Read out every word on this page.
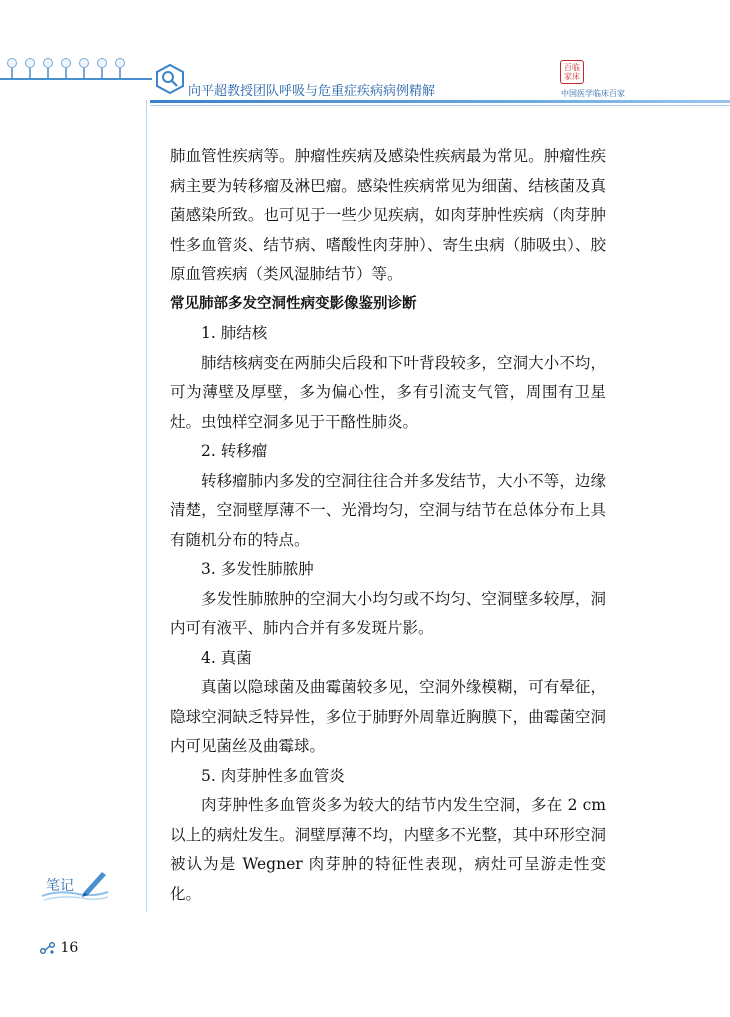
向平超教授团队呼吸与危重症疾病病例精解
百临
家床
中国医学临床百家

肺血管性疾病等。肿瘤性疾病及感染性疾病最为常见。肿瘤性疾病主要为转移瘤及淋巴瘤。感染性疾病常见为细菌、结核菌及真菌感染所致。也可见于一些少见疾病，如肉芽肿性疾病（肉芽肿性多血管炎、结节病、嗜酸性肉芽肿）、寄生虫病（肺吸虫）、胶原血管疾病（类风湿肺结节）等。

常见肺部多发空洞性病变影像鉴别诊断

1. 肺结核

肺结核病变在两肺尖后段和下叶背段较多，空洞大小不均，可为薄壁及厚壁，多为偏心性，多有引流支气管，周围有卫星灶。虫蚀样空洞多见于干酪性肺炎。

2. 转移瘤

转移瘤肺内多发的空洞往往合并多发结节，大小不等，边缘清楚，空洞壁厚薄不一、光滑均匀，空洞与结节在总体分布上具有随机分布的特点。

3. 多发性肺脓肿

多发性肺脓肿的空洞大小均匀或不均匀、空洞壁多较厚，洞内可有液平、肺内合并有多发斑片影。

4. 真菌

真菌以隐球菌及曲霉菌较多见，空洞外缘模糊，可有晕征，隐球空洞缺乏特异性，多位于肺野外周靠近胸膜下，曲霉菌空洞内可见菌丝及曲霉球。

5. 肉芽肿性多血管炎

肉芽肿性多血管炎多为较大的结节内发生空洞，多在 2 cm 以上的病灶发生。洞壁厚薄不均，内壁多不光整，其中环形空洞被认为是 Wegner 肉芽肿的特征性表现，病灶可呈游走性变化。

笔记
16
